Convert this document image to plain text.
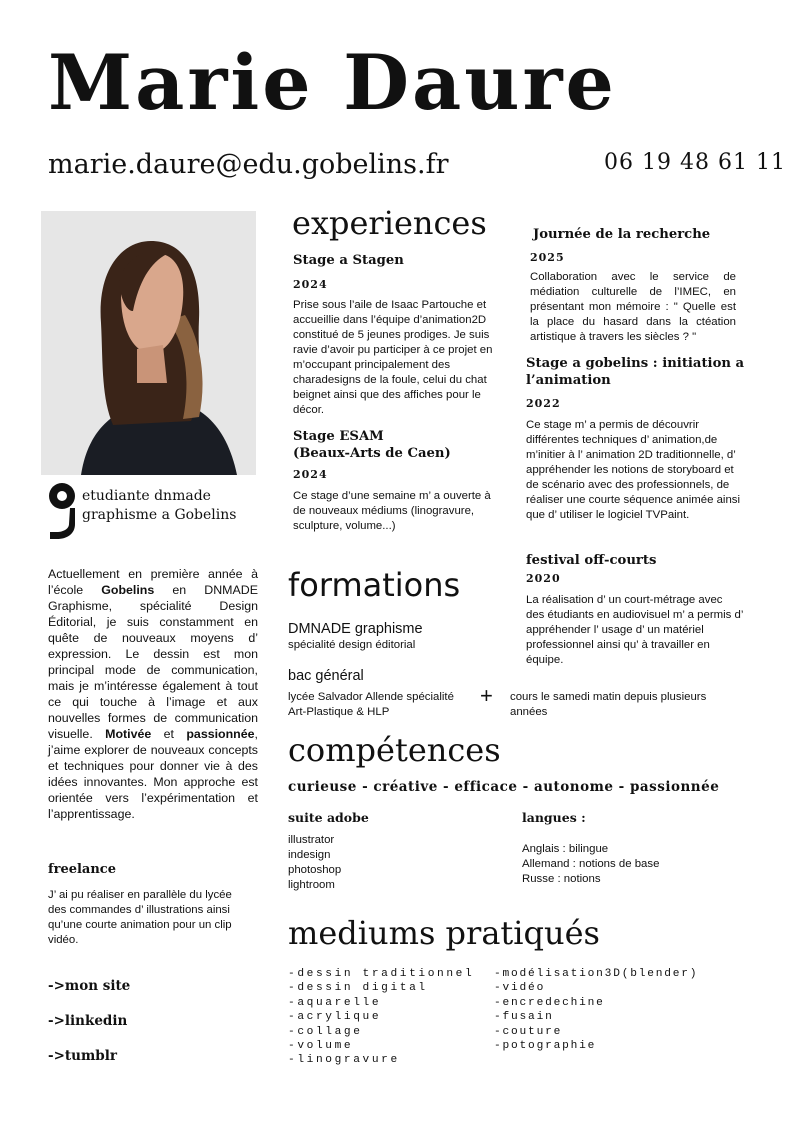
Marie Daure
marie.daure@edu.gobelins.fr	06 19 48 61 11
etudiante dnmade
graphisme a Gobelins
Actuellement en première année à l’école Gobelins en DNMADE Graphisme, spécialité Design Éditorial, je suis constamment en quête de nouveaux moyens d’ expression. Le dessin est mon principal mode de communication, mais je m’intéresse également à tout ce qui touche à l’image et aux nouvelles formes de communication visuelle. Motivée et passionnée, j’aime explorer de nouveaux concepts et techniques pour donner vie à des idées innovantes. Mon approche est orientée vers l’expérimentation et l’apprentissage.
freelance
J’ ai pu réaliser en parallèle du lycée des commandes d’ illustrations ainsi qu’une courte animation pour un clip vidéo.
->mon site
->linkedin
->tumblr
experiences
Stage a Stagen
2024
Prise sous l’aile de Isaac Partouche et accueillie dans l’équipe d’animation2D constitué de 5 jeunes prodiges. Je suis ravie d’avoir pu participer à ce projet en m’occupant principalement des charadesigns de la foule, celui du chat beignet ainsi que des affiches pour le décor.
Stage ESAM
(Beaux-Arts de Caen)
2024
Ce stage d’une semaine m’ a ouverte à de nouveaux médiums (linogravure, sculpture, volume...)
Journée de la recherche
2025
Collaboration avec le service de médiation culturelle de l’IMEC, en présentant mon mémoire : " Quelle est la place du hasard dans la ctéation artistique à travers les siècles ? "
Stage a gobelins : initiation a
l’animation
2022
Ce stage m’ a permis de découvrir différentes techniques d’ animation,de m’initier à l’ animation 2D traditionnelle, d’ appréhender les notions de storyboard et de scénario avec des professionnels, de réaliser une courte séquence animée ainsi que d’ utiliser le logiciel TVPaint.
festival off-courts
2020
La réalisation d’ un court-métrage avec des étudiants en audiovisuel m’ a permis d’ appréhender l’ usage d’ un matériel professionnel ainsi qu’ à travailler en équipe.
formations
DMNADE graphisme
spécialité design éditorial
bac général
lycée Salvador Allende spécialité Art-Plastique & HLP
+ cours le samedi matin depuis plusieurs années
compétences
curieuse - créative - efficace - autonome - passionnée
suite adobe
illustrator
indesign
photoshop
lightroom
langues :
Anglais : bilingue
Allemand : notions de base
Russe : notions
mediums pratiqués
-dessin traditionnel
-dessin digital
-aquarelle
-acrylique
-collage
-volume
-linogravure
-modélisation3D(blender)
-vidéo
-encredechine
-fusain
-couture
-potographie
